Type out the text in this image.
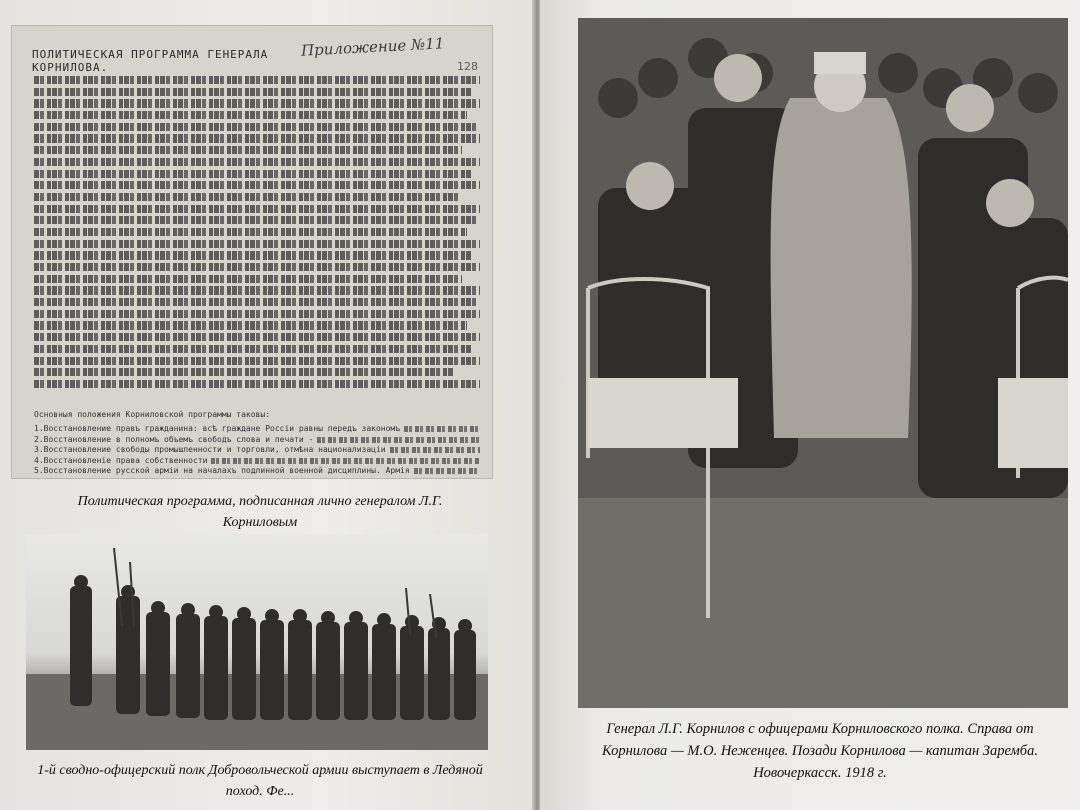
ПОЛИТИЧЕСКАЯ ПРОГРАММА ГЕНЕРАЛА КОРНИЛОВА.
Приложение №11
128
Основныя положения Корниловской программы таковы:
1.Восстановление правъ гражданина: всѣ граждане Россiи равны передъ закономъ
2.Восстановление в полномъ объемъ свободъ слова и печати -
3.Восстановление свободы промышленности и торговли, отмѣна национализацiи
4.Восстановленiе права собственности
5.Восстановление русской армiи на началахъ подлинной военной дисциплины. Армiя
Политическая программа, подписанная лично генералом Л.Г. Корниловым
1-й сводно-офицерский полк Добровольческой армии выступает в Ледяной поход. Фе...
Генерал Л.Г. Корнилов с офицерами Корниловского полка. Справа от Корнилова — М.О. Неженцев. Позади Корнилова — капитан Заремба. Новочеркасск. 1918 г.
